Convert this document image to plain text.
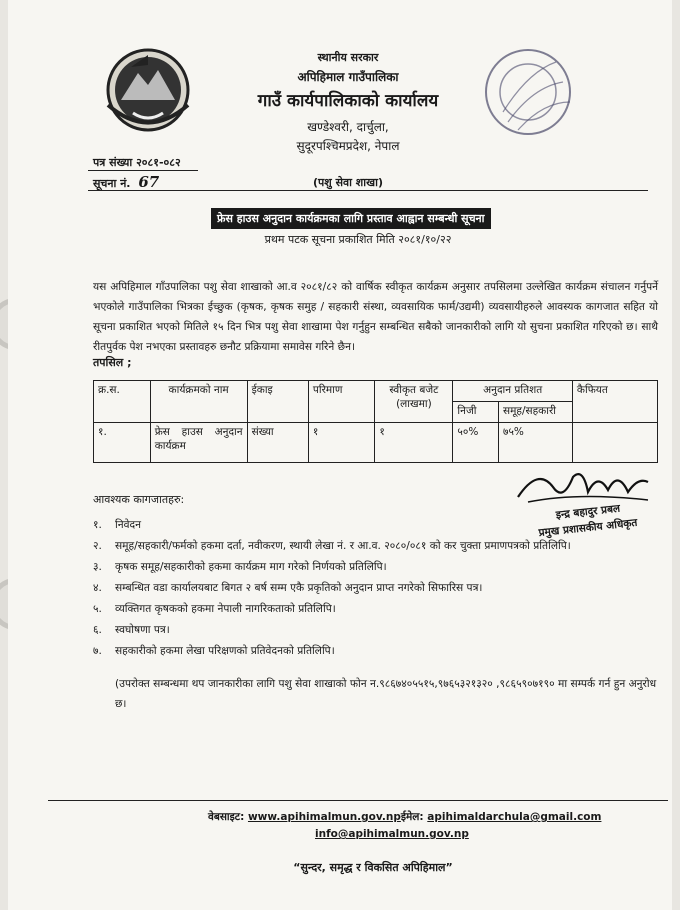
स्थानीय सरकार
अपिहिमाल गाउँपालिका
गाउँ कार्यपालिकाको कार्यालय
खण्डेश्वरी, दार्चुला,
सुदूरपश्चिमप्रदेश, नेपाल
पत्र संख्या २०८१-०८२
सूचना नं. 67	(पशु सेवा शाखा)
फ्रेस हाउस अनुदान कार्यक्रमका लागि प्रस्ताव आह्वान सम्बन्धी सूचना
प्रथम पटक सूचना प्रकाशित मिति २०८१/१०/२२
यस अपिहिमाल गाँउपालिका पशु सेवा शाखाको आ.व २०८१/८२ को वार्षिक स्वीकृत कार्यक्रम अनुसार तपसिलमा उल्लेखित कार्यक्रम संचालन गर्नुपर्ने भएकोले गाउँपालिका भित्रका ईच्छुक (कृषक, कृषक समुह / सहकारी संस्था, व्यवसायिक फार्म/उद्यमी) व्यवसायीहरुले आवस्यक कागजात सहित यो सूचना प्रकाशित भएको मितिले १५ दिन भित्र पशु सेवा शाखामा पेश गर्नुहुन सम्बन्धित सबैको जानकारीको लागि यो सुचना प्रकाशित गरिएको छ। साथै रीतपुर्वक पेश नभएका प्रस्तावहरु छनौट प्रक्रियामा समावेस गरिने छैन।
तपसिल ;
क्र.स.	कार्यक्रमको नाम	ईकाइ	परिमाण	स्वीकृत बजेट (लाखमा)	अनुदान प्रतिशत		कैफियत
					निजी	समूह/सहकारी	
१.	फ्रेस हाउस अनुदान कार्यक्रम	संख्या	१	१	५०%	७५%	
आवश्यक कागजातहरु:
इन्द्र बहादुर प्रबल
प्रमुख प्रशासकीय अधिकृत
१. निवेदन
२. समूह/सहकारी/फर्मको हकमा दर्ता, नवीकरण, स्थायी लेखा नं. र आ.व. २०८०/०८१ को कर चुक्ता प्रमाणपत्रको प्रतिलिपि।
३. कृषक समूह/सहकारीको हकमा कार्यक्रम माग गरेको निर्णयको प्रतिलिपि।
४. सम्बन्धित वडा कार्यालयबाट बिगत २ बर्ष सम्म एकै प्रकृतिको अनुदान प्राप्त नगरेको सिफारिस पत्र।
५. व्यक्तिगत कृषकको हकमा नेपाली नागरिकताको प्रतिलिपि।
६. स्वघोषणा पत्र।
७. सहकारीको हकमा लेखा परिक्षणको प्रतिवेदनको प्रतिलिपि।
(उपरोक्त सम्बन्धमा थप जानकारीका लागि पशु सेवा शाखाको फोन न.९८६७४०५५१५,९७६५३२१३२० ,९८६५९०७१९० मा सम्पर्क गर्न हुन अनुरोध छ।
वेबसाइट: www.apihimalmun.gov.npईमेल: apihimaldarchula@gmail.com
info@apihimalmun.gov.np
“सुन्दर, समृद्ध र विकसित अपिहिमाल”
